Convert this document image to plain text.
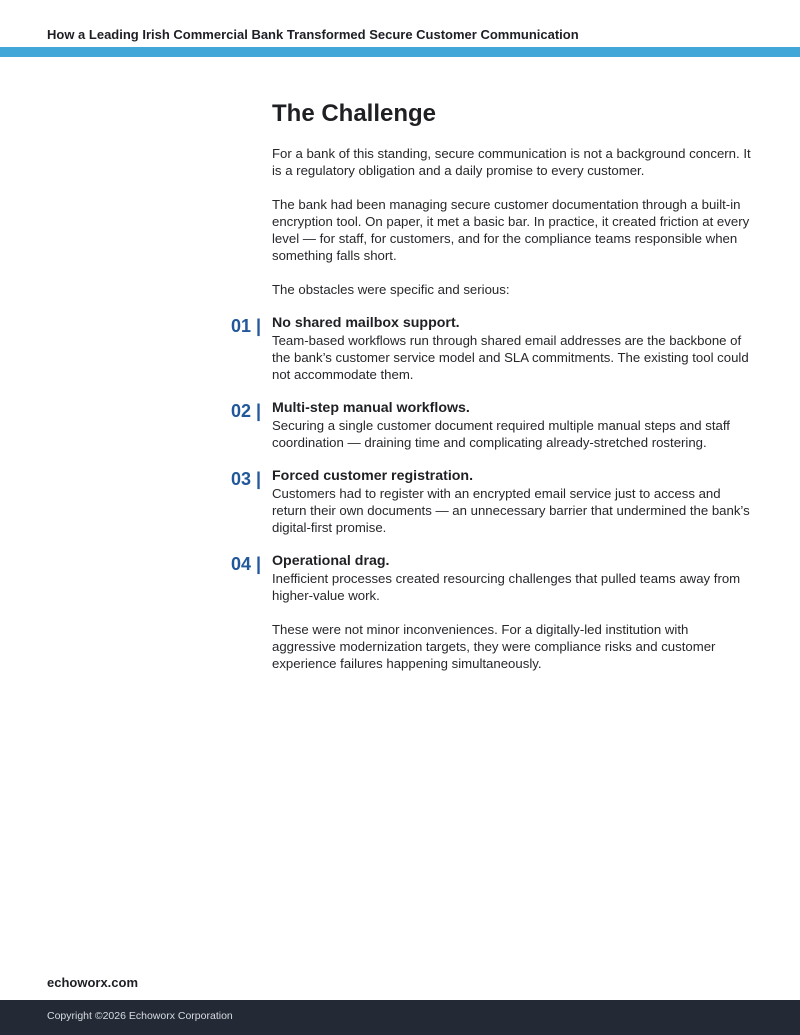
How a Leading Irish Commercial Bank Transformed Secure Customer Communication
The Challenge

For a bank of this standing, secure communication is not a background concern. It is a regulatory obligation and a daily promise to every customer.

The bank had been managing secure customer documentation through a built-in encryption tool. On paper, it met a basic bar. In practice, it created friction at every level — for staff, for customers, and for the compliance teams responsible when something falls short.

The obstacles were specific and serious:

01 | No shared mailbox support.
Team-based workflows run through shared email addresses are the backbone of the bank’s customer service model and SLA commitments. The existing tool could not accommodate them.
02 | Multi-step manual workflows.
Securing a single customer document required multiple manual steps and staff coordination — draining time and complicating already-stretched rostering.
03 | Forced customer registration.
Customers had to register with an encrypted email service just to access and return their own documents — an unnecessary barrier that undermined the bank’s digital-first promise.
04 | Operational drag.
Inefficient processes created resourcing challenges that pulled teams away from higher-value work.

These were not minor inconveniences. For a digitally-led institution with aggressive modernization targets, they were compliance risks and customer experience failures happening simultaneously.

echoworx.com
Copyright ©2026 Echoworx Corporation
